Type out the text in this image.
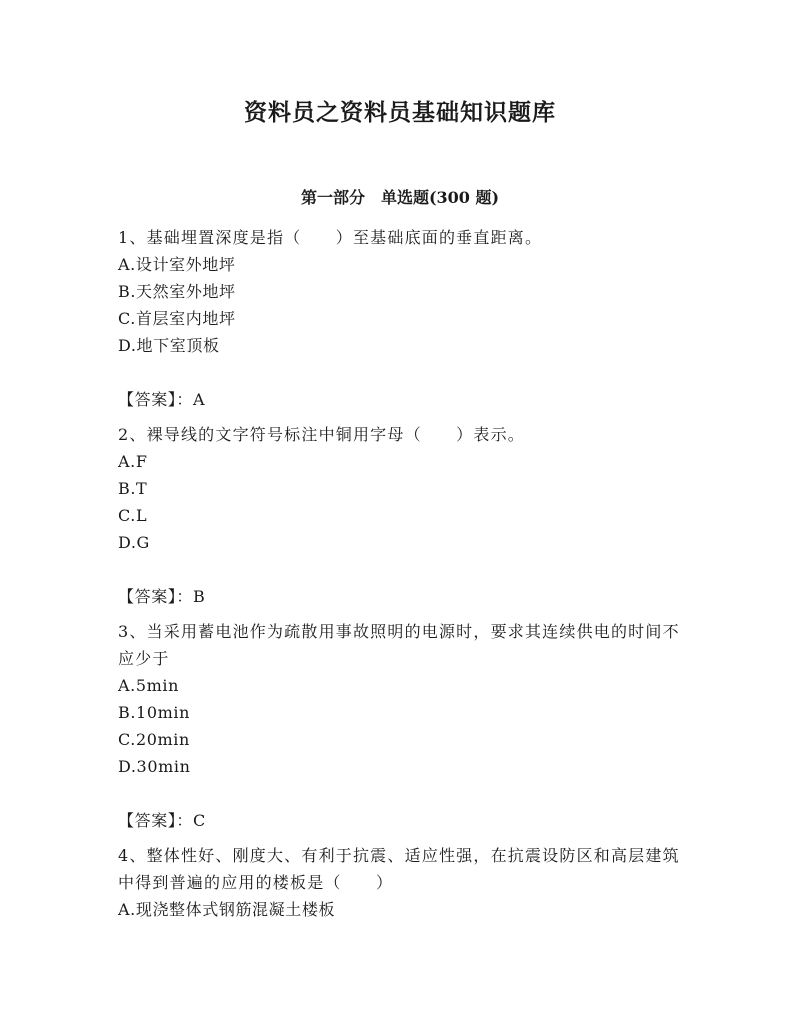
资料员之资料员基础知识题库
第一部分　单选题(300 题)
1、基础埋置深度是指（　　）至基础底面的垂直距离。
A.设计室外地坪
B.天然室外地坪
C.首层室内地坪
D.地下室顶板
【答案】：A
2、裸导线的文字符号标注中铜用字母（　　）表示。
A.F
B.T
C.L
D.G
【答案】：B
3、当采用蓄电池作为疏散用事故照明的电源时，要求其连续供电的时间不应少于
A.5min
B.10min
C.20min
D.30min
【答案】：C
4、整体性好、刚度大、有利于抗震、适应性强，在抗震设防区和高层建筑中得到普遍的应用的楼板是（　　）
A.现浇整体式钢筋混凝土楼板
